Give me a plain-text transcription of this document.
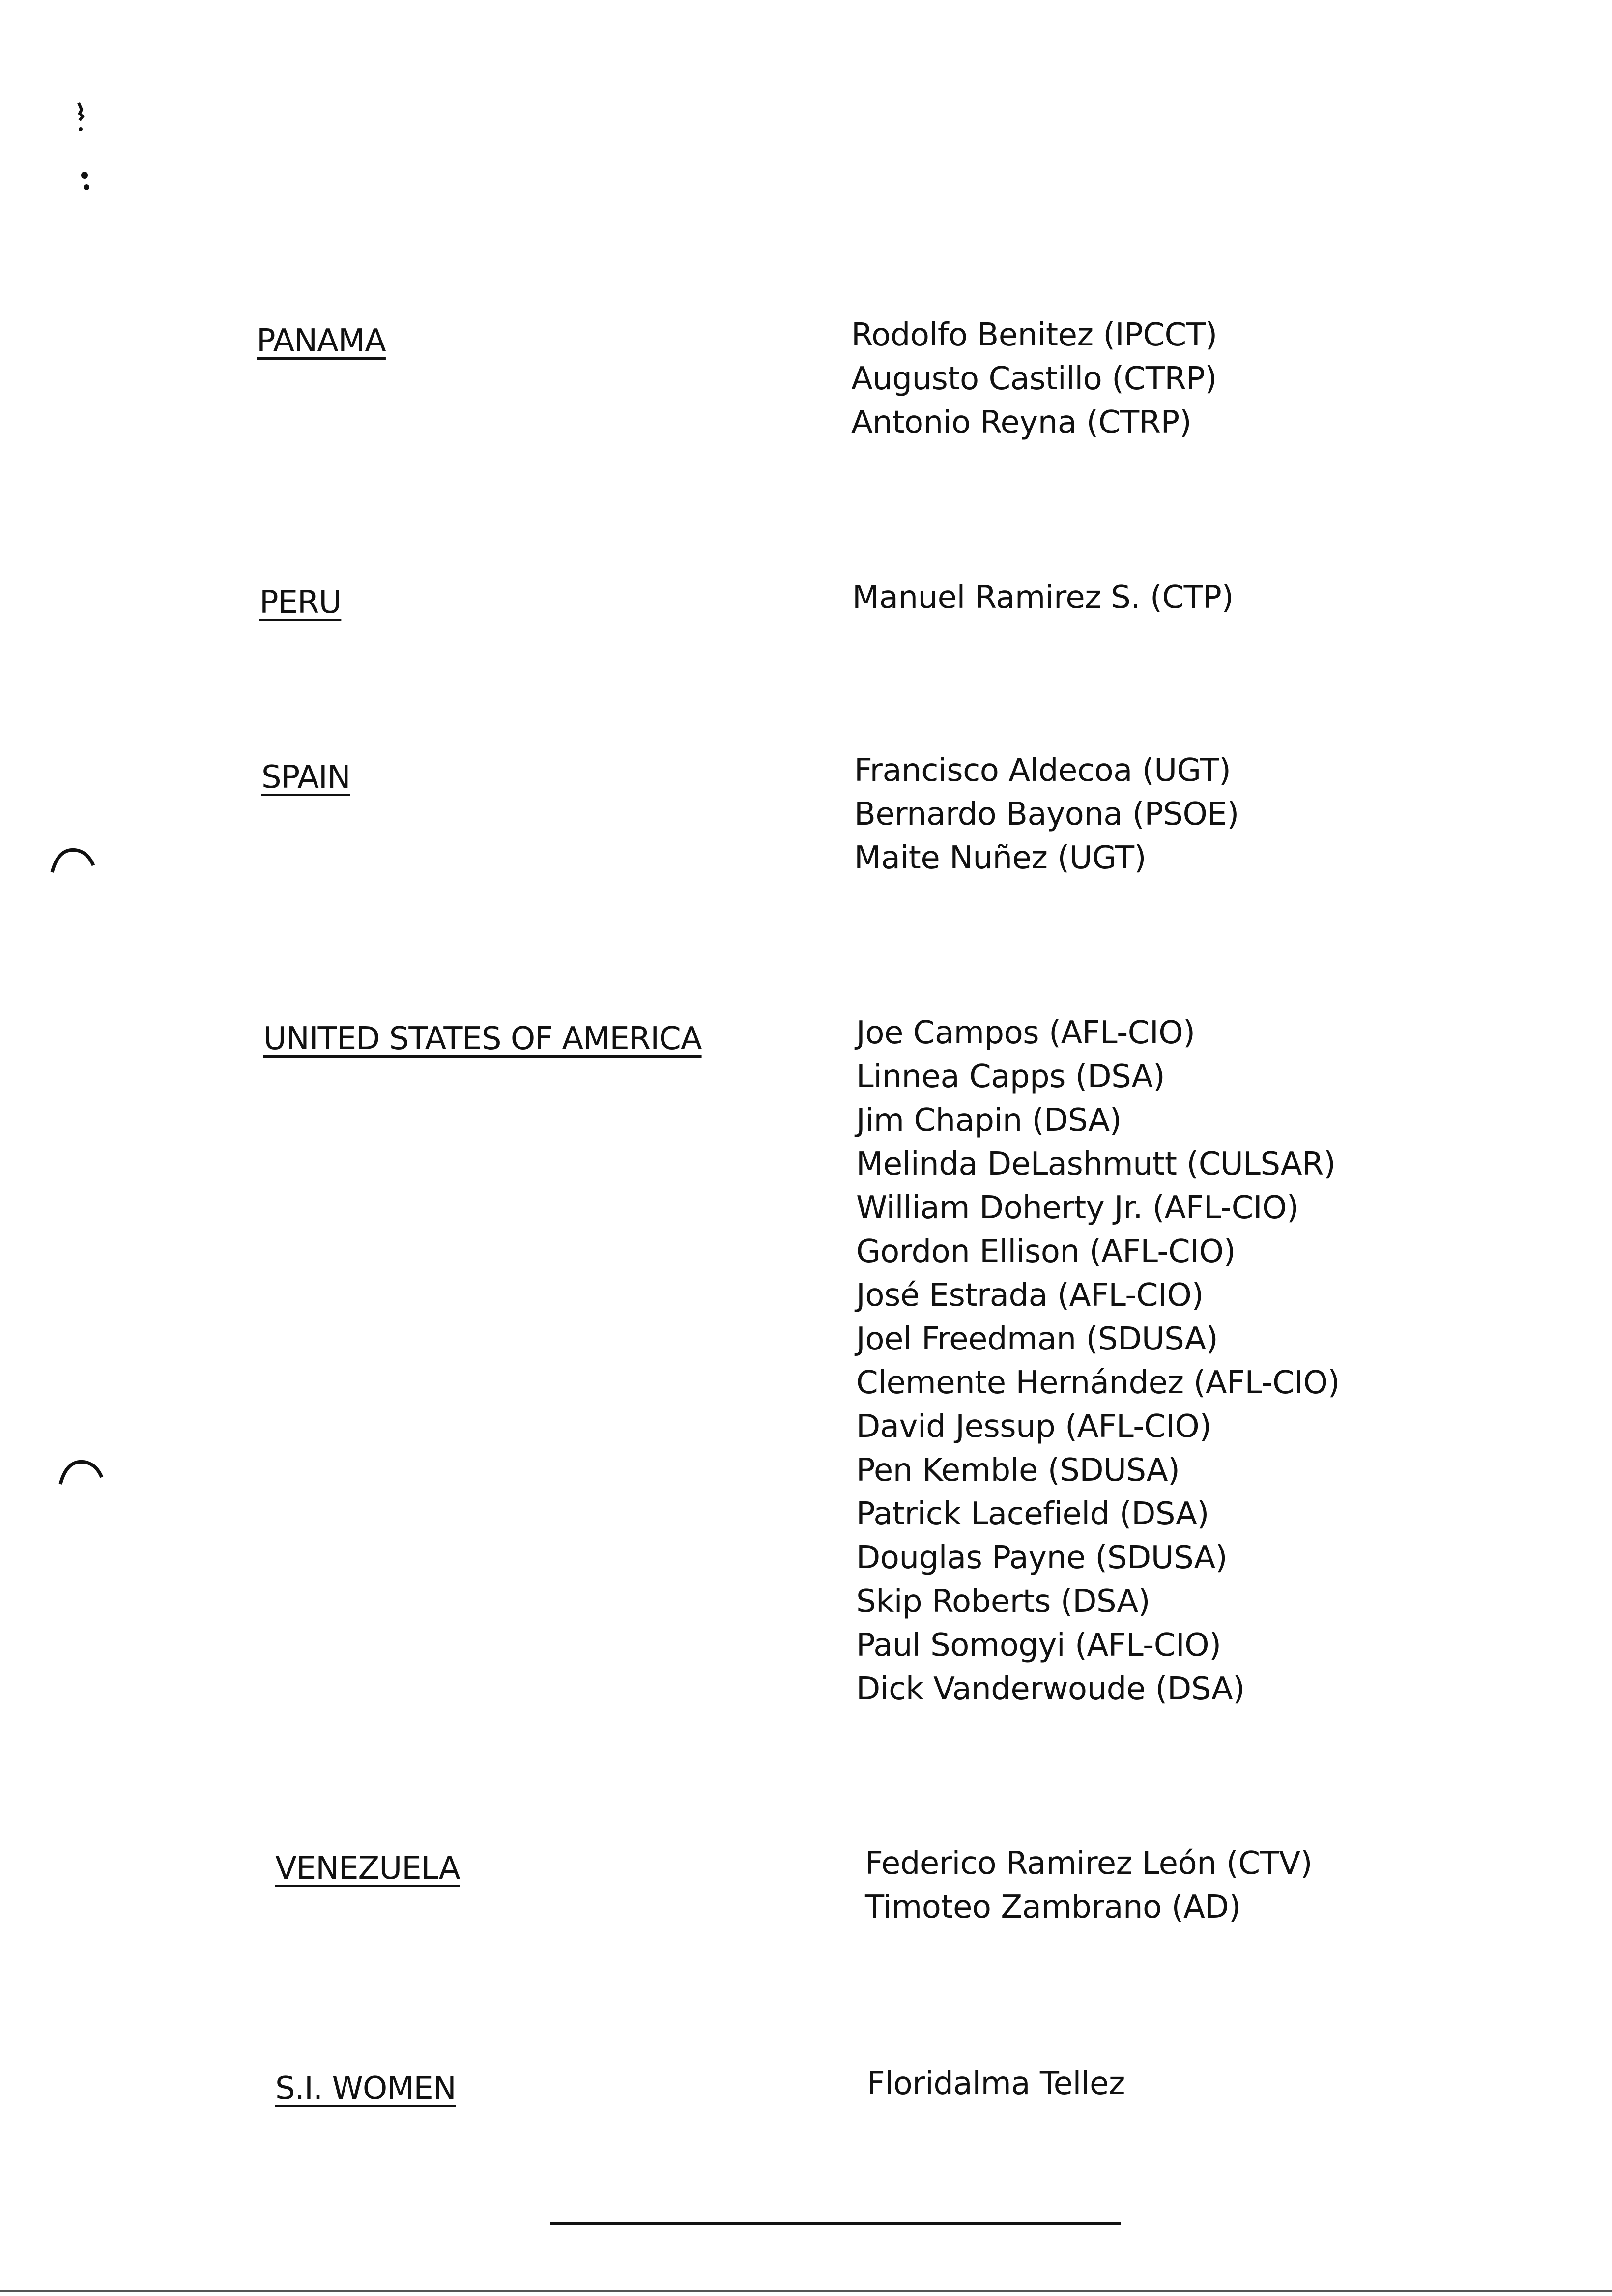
PANAMA	Rodolfo Benitez (IPCCT)
Augusto Castillo (CTRP)
Antonio Reyna (CTRP)
PERU	Manuel Ramirez S. (CTP)
SPAIN	Francisco Aldecoa (UGT)
Bernardo Bayona (PSOE)
Maite Nuñez (UGT)
UNITED STATES OF AMERICA	Joe Campos (AFL-CIO)
Linnea Capps (DSA)
Jim Chapin (DSA)
Melinda DeLashmutt (CULSAR)
William Doherty Jr. (AFL-CIO)
Gordon Ellison (AFL-CIO)
José Estrada (AFL-CIO)
Joel Freedman (SDUSA)
Clemente Hernández (AFL-CIO)
David Jessup (AFL-CIO)
Pen Kemble (SDUSA)
Patrick Lacefield (DSA)
Douglas Payne (SDUSA)
Skip Roberts (DSA)
Paul Somogyi (AFL-CIO)
Dick Vanderwoude (DSA)
VENEZUELA	Federico Ramirez León (CTV)
Timoteo Zambrano (AD)
S.I. WOMEN	Floridalma Tellez
